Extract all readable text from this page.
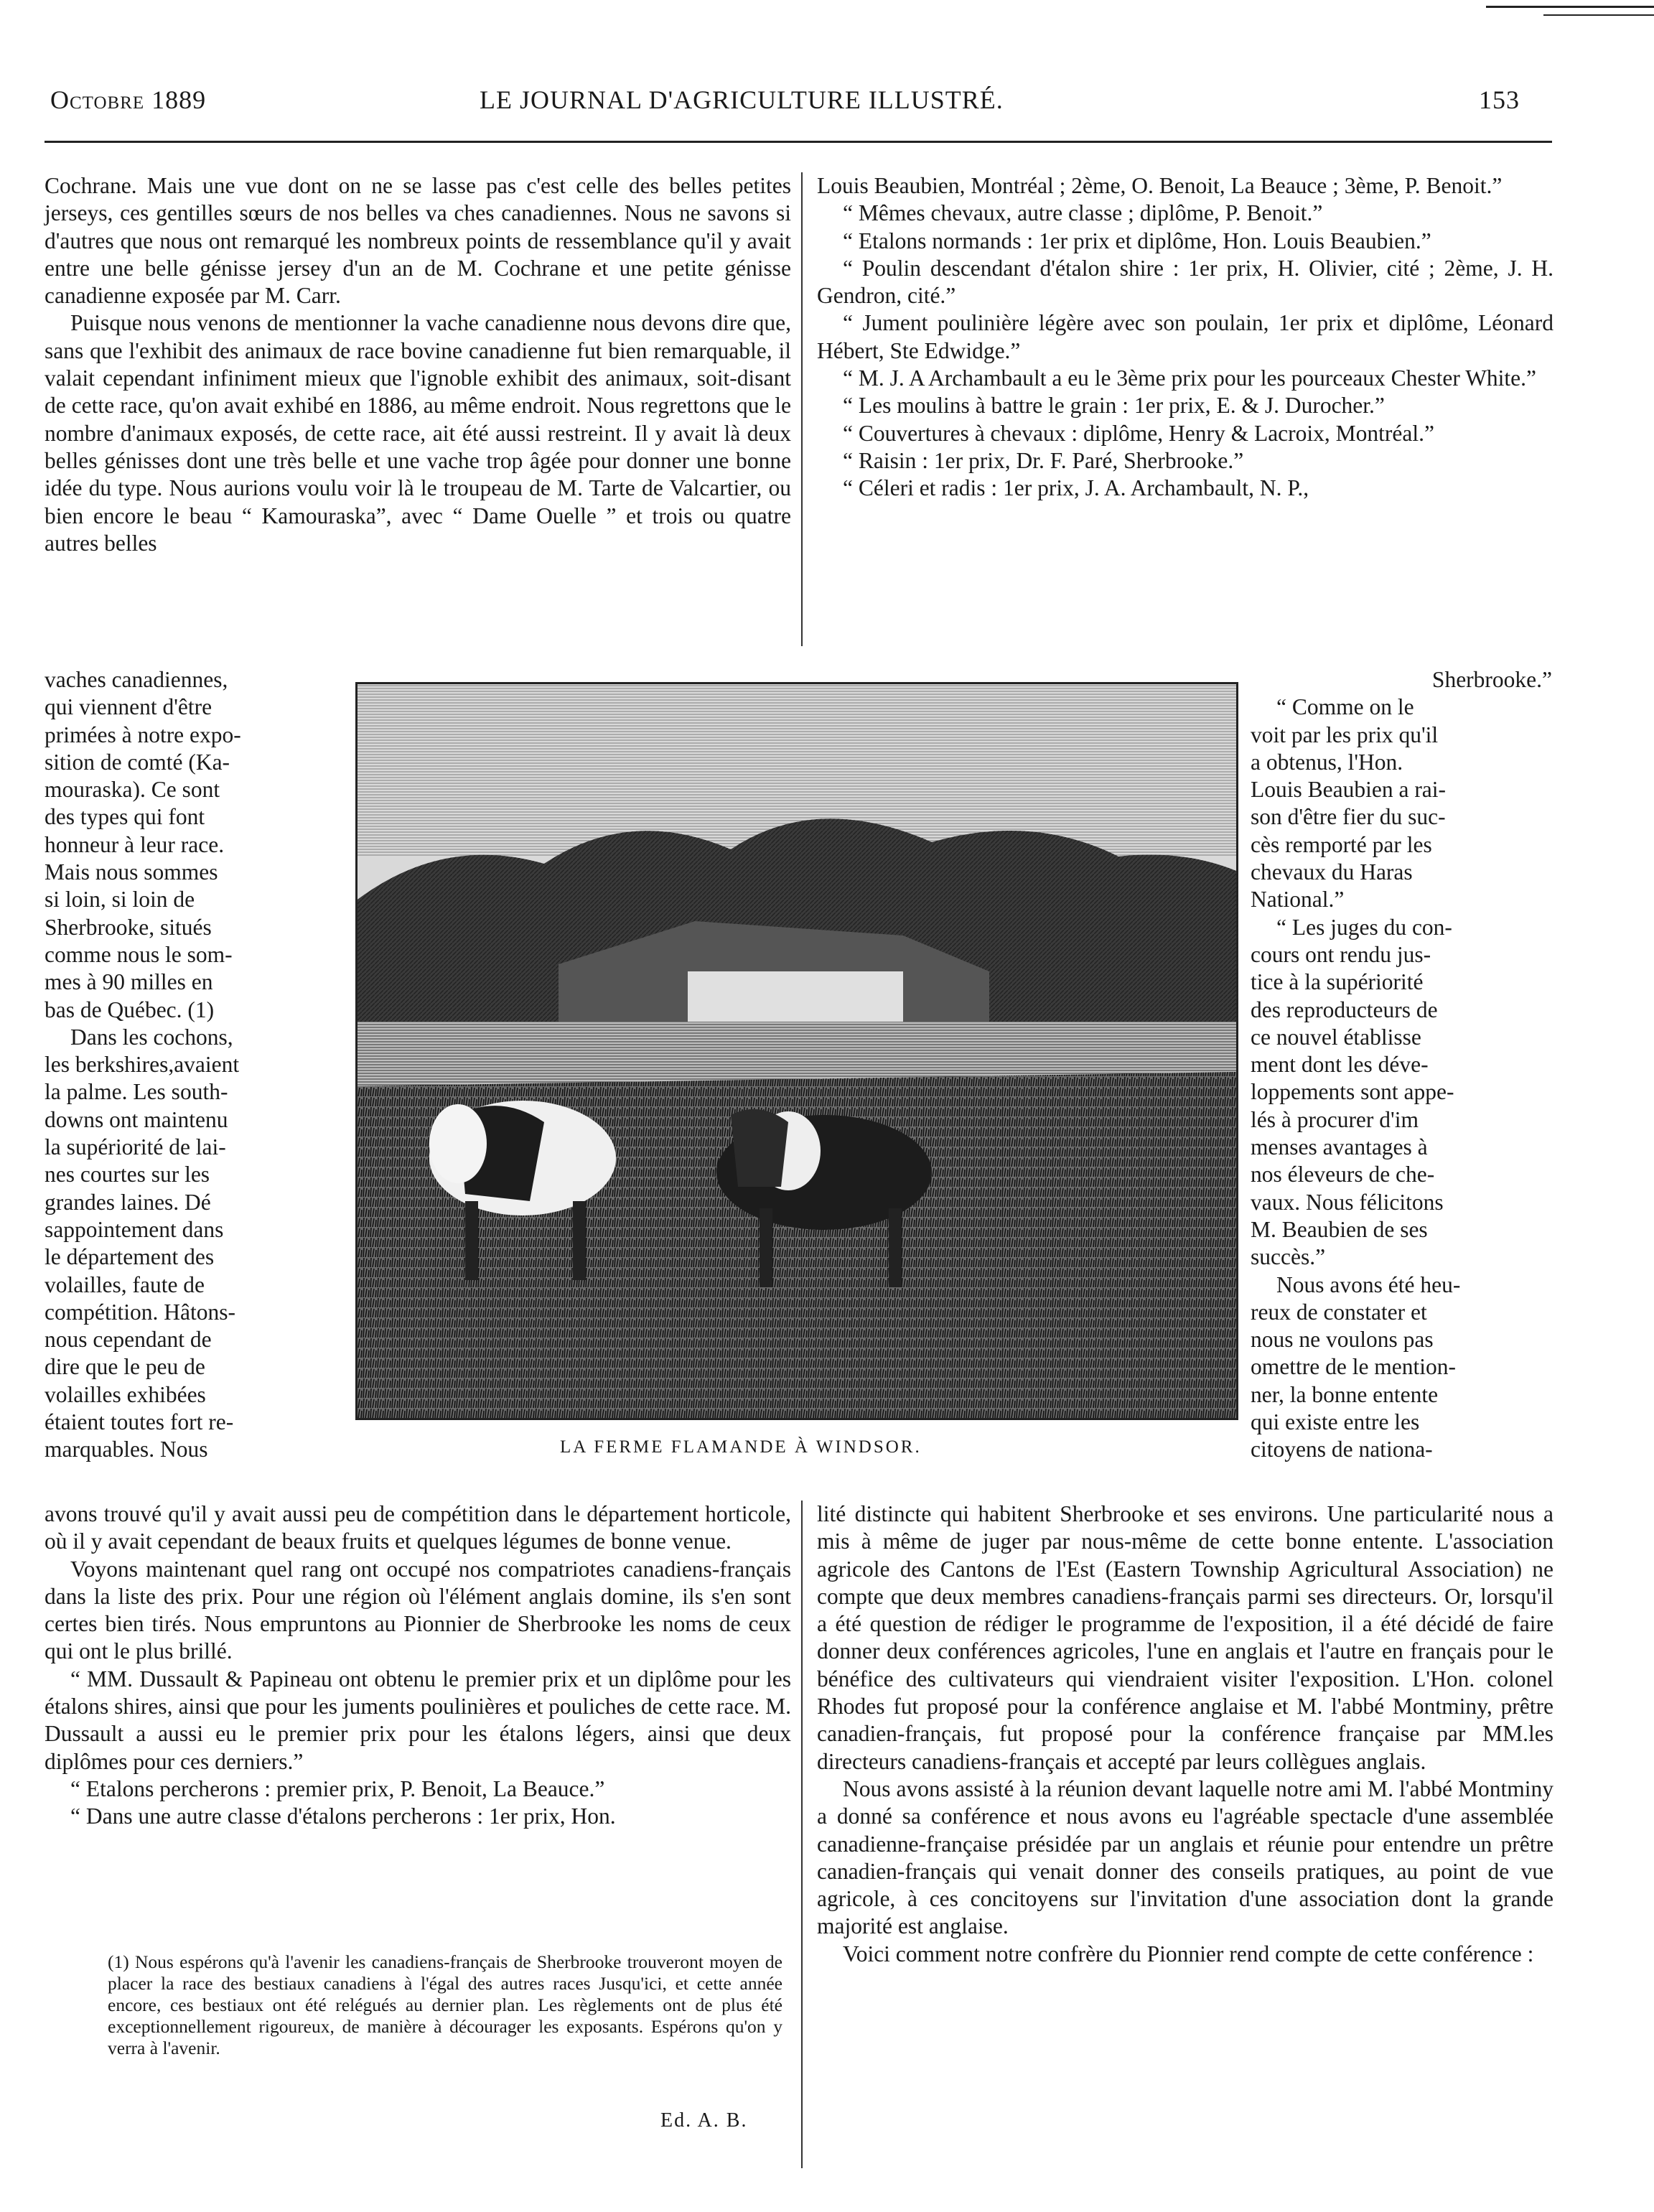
Octobre 1889	LE JOURNAL D'AGRICULTURE ILLUSTRÉ.	153

Cochrane. Mais une vue dont on ne se lasse pas c'est celle des belles petites jerseys, ces gentilles sœurs de nos belles va ches canadiennes. Nous ne savons si d'autres que nous ont remarqué les nombreux points de ressemblance qu'il y avait entre une belle génisse jersey d'un an de M. Cochrane et une petite génisse canadienne exposée par M. Carr.

Puisque nous venons de mentionner la vache canadienne nous devons dire que, sans que l'exhibit des animaux de race bovine canadienne fut bien remarquable, il valait cependant infiniment mieux que l'ignoble exhibit des animaux, soit-disant de cette race, qu'on avait exhibé en 1886, au même endroit. Nous regrettons que le nombre d'animaux exposés, de cette race, ait été aussi restreint. Il y avait là deux belles génisses dont une très belle et une vache trop âgée pour donner une bonne idée du type. Nous aurions voulu voir là le troupeau de M. Tarte de Valcartier, ou bien encore le beau “ Kamouraska”, avec “ Dame Ouelle ” et trois ou quatre autres belles

vaches canadiennes,

qui viennent d'être

primées à notre expo-

sition de comté (Ka-

mouraska). Ce sont

des types qui font

honneur à leur race.

Mais nous sommes

si loin, si loin de

Sherbrooke, situés

comme nous le som-

mes à 90 milles en

bas de Québec. (1)

Dans les cochons,

les berkshires,avaient

la palme. Les south-

downs ont maintenu

la supériorité de lai-

nes courtes sur les

grandes laines. Dé

sappointement dans

le département des

volailles, faute de

compétition. Hâtons-

nous cependant de

dire que le peu de

volailles exhibées

étaient toutes fort re-

marquables. Nous	LA FERME FLAMANDE À WINDSOR.

avons trouvé qu'il y avait aussi peu de compétition dans le département horticole, où il y avait cependant de beaux fruits et quelques légumes de bonne venue.

Voyons maintenant quel rang ont occupé nos compatriotes canadiens-français dans la liste des prix. Pour une région où l'élément anglais domine, ils s'en sont certes bien tirés. Nous empruntons au Pionnier de Sherbrooke les noms de ceux qui ont le plus brillé.

“ MM. Dussault & Papineau ont obtenu le premier prix et un diplôme pour les étalons shires, ainsi que pour les juments poulinières et pouliches de cette race. M. Dussault a aussi eu le premier prix pour les étalons légers, ainsi que deux diplômes pour ces derniers.”

“ Etalons percherons : premier prix, P. Benoit, La Beauce.”

“ Dans une autre classe d'étalons percherons : 1er prix, Hon.

(1) Nous espérons qu'à l'avenir les canadiens-français de Sherbrooke trouveront moyen de placer la race des bestiaux canadiens à l'égal des autres races Jusqu'ici, et cette année encore, ces bestiaux ont été relégués au dernier plan. Les règlements ont de plus été exceptionnellement rigoureux, de manière à décourager les exposants. Espérons qu'on y verra à l'avenir.
Ed. A. B.

Louis Beaubien, Montréal ; 2ème, O. Benoit, La Beauce ; 3ème, P. Benoit.”

“ Mêmes chevaux, autre classe ; diplôme, P. Benoit.”

“ Etalons normands : 1er prix et diplôme, Hon. Louis Beaubien.”

“ Poulin descendant d'étalon shire : 1er prix, H. Olivier, cité ; 2ème, J. H. Gendron, cité.”

“ Jument poulinière légère avec son poulain, 1er prix et diplôme, Léonard Hébert, Ste Edwidge.”

“ M. J. A Archambault a eu le 3ème prix pour les pourceaux Chester White.”

“ Les moulins à battre le grain : 1er prix, E. & J. Durocher.”

“ Couvertures à chevaux : diplôme, Henry & Lacroix, Montréal.”

“ Raisin : 1er prix, Dr. F. Paré, Sherbrooke.”

“ Céleri et radis : 1er prix, J. A. Archambault, N. P.,

Sherbrooke.”

“ Comme on le

voit par les prix qu'il

a obtenus, l'Hon.

Louis Beaubien a rai-

son d'être fier du suc-

cès remporté par les

chevaux du Haras

National.”

“ Les juges du con-

cours ont rendu jus-

tice à la supériorité

des reproducteurs de

ce nouvel établisse

ment dont les déve-

loppements sont appe-

lés à procurer d'im

menses avantages à

nos éleveurs de che-

vaux. Nous félicitons

M. Beaubien de ses

succès.”

Nous avons été heu-

reux de constater et

nous ne voulons pas

omettre de le mention-

ner, la bonne entente

qui existe entre les

citoyens de nationa-

lité distincte qui habitent Sherbrooke et ses environs. Une particularité nous a mis à même de juger par nous-même de cette bonne entente. L'association agricole des Cantons de l'Est (Eastern Township Agricultural Association) ne compte que deux membres canadiens-français parmi ses directeurs. Or, lorsqu'il a été question de rédiger le programme de l'exposition, il a été décidé de faire donner deux conférences agricoles, l'une en anglais et l'autre en français pour le bénéfice des cultivateurs qui viendraient visiter l'exposition. L'Hon. colonel Rhodes fut proposé pour la conférence anglaise et M. l'abbé Montminy, prêtre canadien-français, fut proposé pour la conférence française par MM.les directeurs canadiens-français et accepté par leurs collègues anglais.

Nous avons assisté à la réunion devant laquelle notre ami M. l'abbé Montminy a donné sa conférence et nous avons eu l'agréable spectacle d'une assemblée canadienne-française présidée par un anglais et réunie pour entendre un prêtre canadien-français qui venait donner des conseils pratiques, au point de vue agricole, à ces concitoyens sur l'invitation d'une association dont la grande majorité est anglaise.

Voici comment notre confrère du Pionnier rend compte de cette conférence :
